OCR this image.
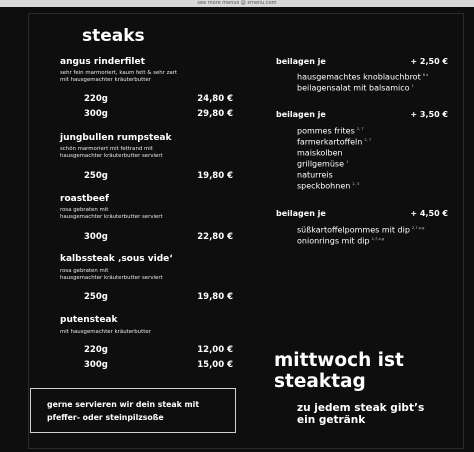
see more menus @ zmenu.com
steaks
angus rinderfilet
sehr fein marmoriert, kaum fett & sehr zart
mit hausgemachter kräuterbutter
220g	24,80 €
300g	29,80 €
jungbullen rumpsteak
schön marmoriert mit fettrand mit
hausgemachter kräuterbutter serviert
250g	19,80 €
roastbeef
rosa gebraten mit
hausgemachter kräuterbutter serviert
300g	22,80 €
kalbssteak ‚sous vide‘
rosa gebraten mit
hausgemachter kräuterbutter serviert
250g	19,80 €
putensteak
mit hausgemachter kräuterbutter
220g	12,00 €
300g	15,00 €
beilagen je	+ 2,50 €
hausgemachtes knoblauchbrot $^{6 a}$
beilagensalat mit balsamico $^1$
beilagen je	+ 3,50 €
pommes frites $^{2, 7}$
farmerkartoffeln $^{2, 7}$
maiskolben
grillgemüse $^1$
naturreis
speckbohnen $^{2, 3}$
beilagen je	+ 4,50 €
süßkartoffelpommes mit dip $^{2,7,a,g}$
onionrings mit dip $^{2,7,a,g}$
gerne servieren wir dein steak mit
pfeffer- oder steinpilzsoße
mittwoch ist
steaktag
zu jedem steak gibt’s
ein getränk
